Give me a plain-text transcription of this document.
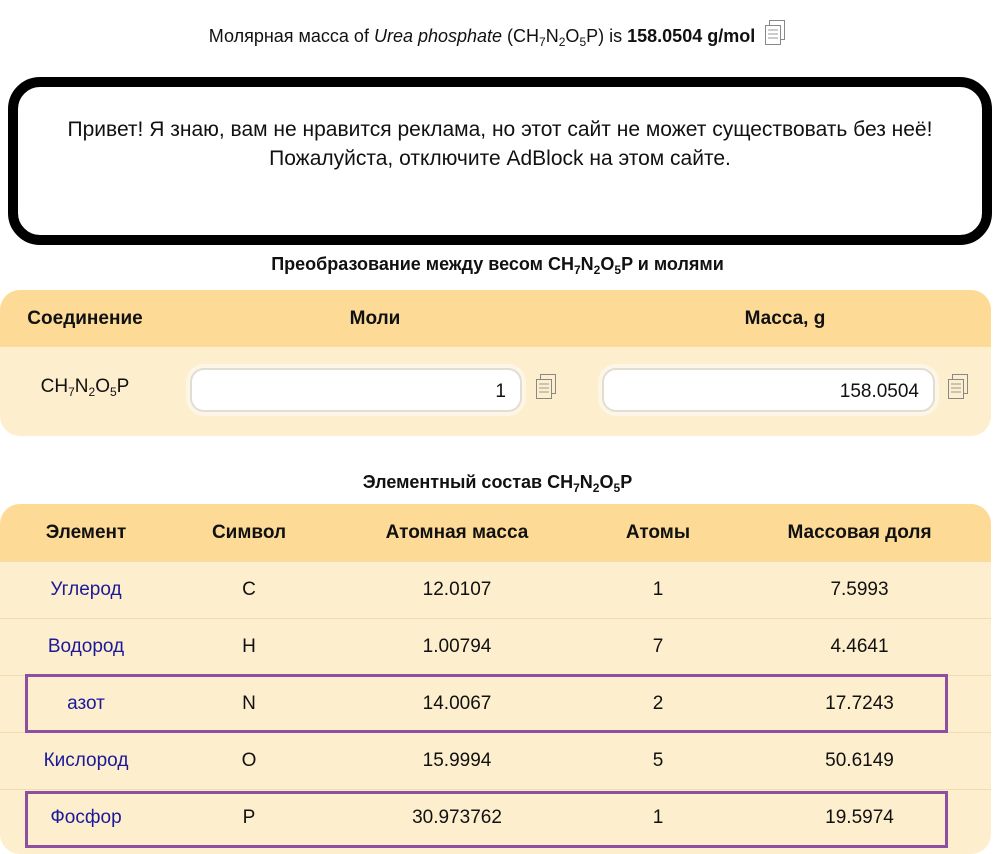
Молярная масса of Urea phosphate $(CH_7N_2O_5P)$ is 158.0504 g/mol
Привет! Я знаю, вам не нравится реклама, но этот сайт не может существовать без неё!
Пожалуйста, отключите AdBlock на этом сайте.
Преобразование между весом $CH_7N_2O_5P$ и молями
Соединение	Моли	Масса, g
$CH_7N_2O_5P$	1	158.0504
Элементный состав $CH_7N_2O_5P$
Элемент	Символ	Атомная масса	Атомы	Массовая доля
Углерод	C	12.0107	1	7.5993
Водород	H	1.00794	7	4.4641
азот	N	14.0067	2	17.7243
Кислород	O	15.9994	5	50.6149
Фосфор	P	30.973762	1	19.5974
